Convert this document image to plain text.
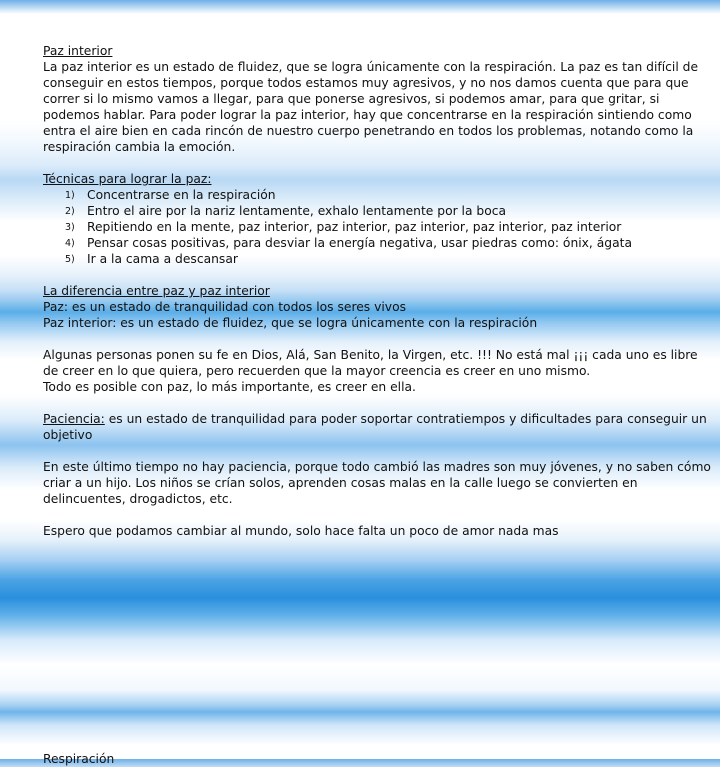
Paz interior

La paz interior es un estado de fluidez, que se logra únicamente con la respiración. La paz es tan difícil de conseguir en estos tiempos, porque todos estamos muy agresivos, y no nos damos cuenta que para que correr si lo mismo vamos a llegar, para que ponerse agresivos, si podemos amar, para que gritar, si podemos hablar. Para poder lograr la paz interior, hay que concentrarse en la respiración sintiendo como entra el aire bien en cada rincón de nuestro cuerpo penetrando en todos los problemas, notando como la respiración cambia la emoción.

Técnicas para lograr la paz:

1) Concentrarse en la respiración
2) Entro el aire por la nariz lentamente, exhalo lentamente por la boca
3) Repitiendo en la mente, paz interior, paz interior, paz interior, paz interior, paz interior
4) Pensar cosas positivas, para desviar la energía negativa, usar piedras como: ónix, ágata
5) Ir a la cama a descansar

La diferencia entre paz y paz interior

Paz: es un estado de tranquilidad con todos los seres vivos

Paz interior: es un estado de fluidez, que se logra únicamente con la respiración

Algunas personas ponen su fe en Dios, Alá, San Benito, la Virgen, etc. !!! No está mal ¡¡¡ cada uno es libre de creer en lo que quiera, pero recuerden que la mayor creencia es creer en uno mismo.

Todo es posible con paz, lo más importante, es creer en ella.

Paciencia: es un estado de tranquilidad para poder soportar contratiempos y dificultades para conseguir un objetivo

En este último tiempo no hay paciencia, porque todo cambió las madres son muy jóvenes, y no saben cómo criar a un hijo. Los niños se crían solos, aprenden cosas malas en la calle luego se convierten en delincuentes, drogadictos, etc.

Espero que podamos cambiar al mundo, solo hace falta un poco de amor nada mas

Respiración
